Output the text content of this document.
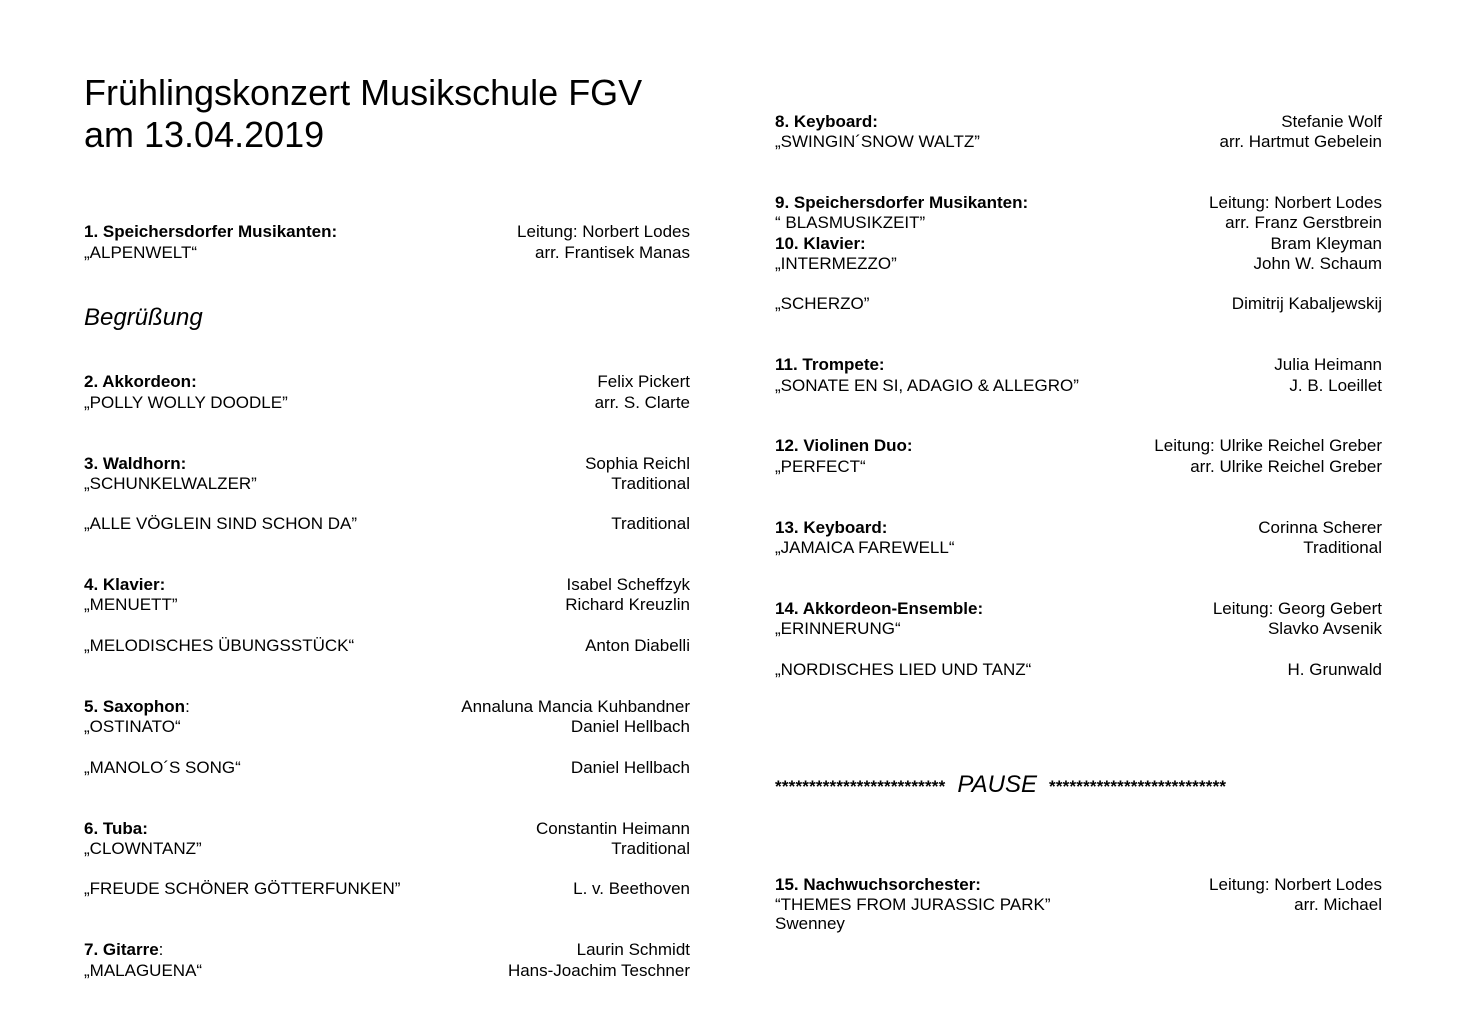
Frühlingskonzert Musikschule FGV
am 13.04.2019
Begrüßung
1. Speichersdorfer Musikanten:	Leitung: Norbert Lodes
„ALPENWELT“	arr. Frantisek Manas
2. Akkordeon:	Felix Pickert
„POLLY WOLLY DOODLE”	arr. S. Clarte
3. Waldhorn:	Sophia Reichl
„SCHUNKELWALZER”	Traditional
„ALLE VÖGLEIN SIND SCHON DA”	Traditional
4. Klavier:	Isabel Scheffzyk
„MENUETT”	Richard Kreuzlin
„MELODISCHES ÜBUNGSSTÜCK“	Anton Diabelli
5. Saxophon:	Annaluna Mancia Kuhbandner
„OSTINATO“	Daniel Hellbach
„MANOLO´S SONG“	Daniel Hellbach
6. Tuba:	Constantin Heimann
„CLOWNTANZ”	Traditional
„FREUDE SCHÖNER GÖTTERFUNKEN”	L. v. Beethoven
7. Gitarre:	Laurin Schmidt
„MALAGUENA“	Hans-Joachim Teschner
8. Keyboard:	Stefanie Wolf
„SWINGIN´SNOW WALTZ”	arr. Hartmut Gebelein
9. Speichersdorfer Musikanten:	Leitung: Norbert Lodes
“ BLASMUSIKZEIT”	arr. Franz Gerstbrein
10. Klavier:	Bram Kleyman
„INTERMEZZO”	John W. Schaum
„SCHERZO”	Dimitrij Kabaljewskij
11. Trompete:	Julia Heimann
„SONATE EN SI, ADAGIO & ALLEGRO”	J. B. Loeillet
12. Violinen Duo:	Leitung: Ulrike Reichel Greber
„PERFECT“	arr. Ulrike Reichel Greber
13. Keyboard:	Corinna Scherer
„JAMAICA FAREWELL“	Traditional
14. Akkordeon-Ensemble:	Leitung: Georg Gebert
„ERINNERUNG“	Slavko Avsenik
„NORDISCHES LIED UND TANZ“	H. Grunwald
************************* PAUSE **************************
15. Nachwuchsorchester:	Leitung: Norbert Lodes
“THEMES FROM JURASSIC PARK”	arr. Michael
Swenney
